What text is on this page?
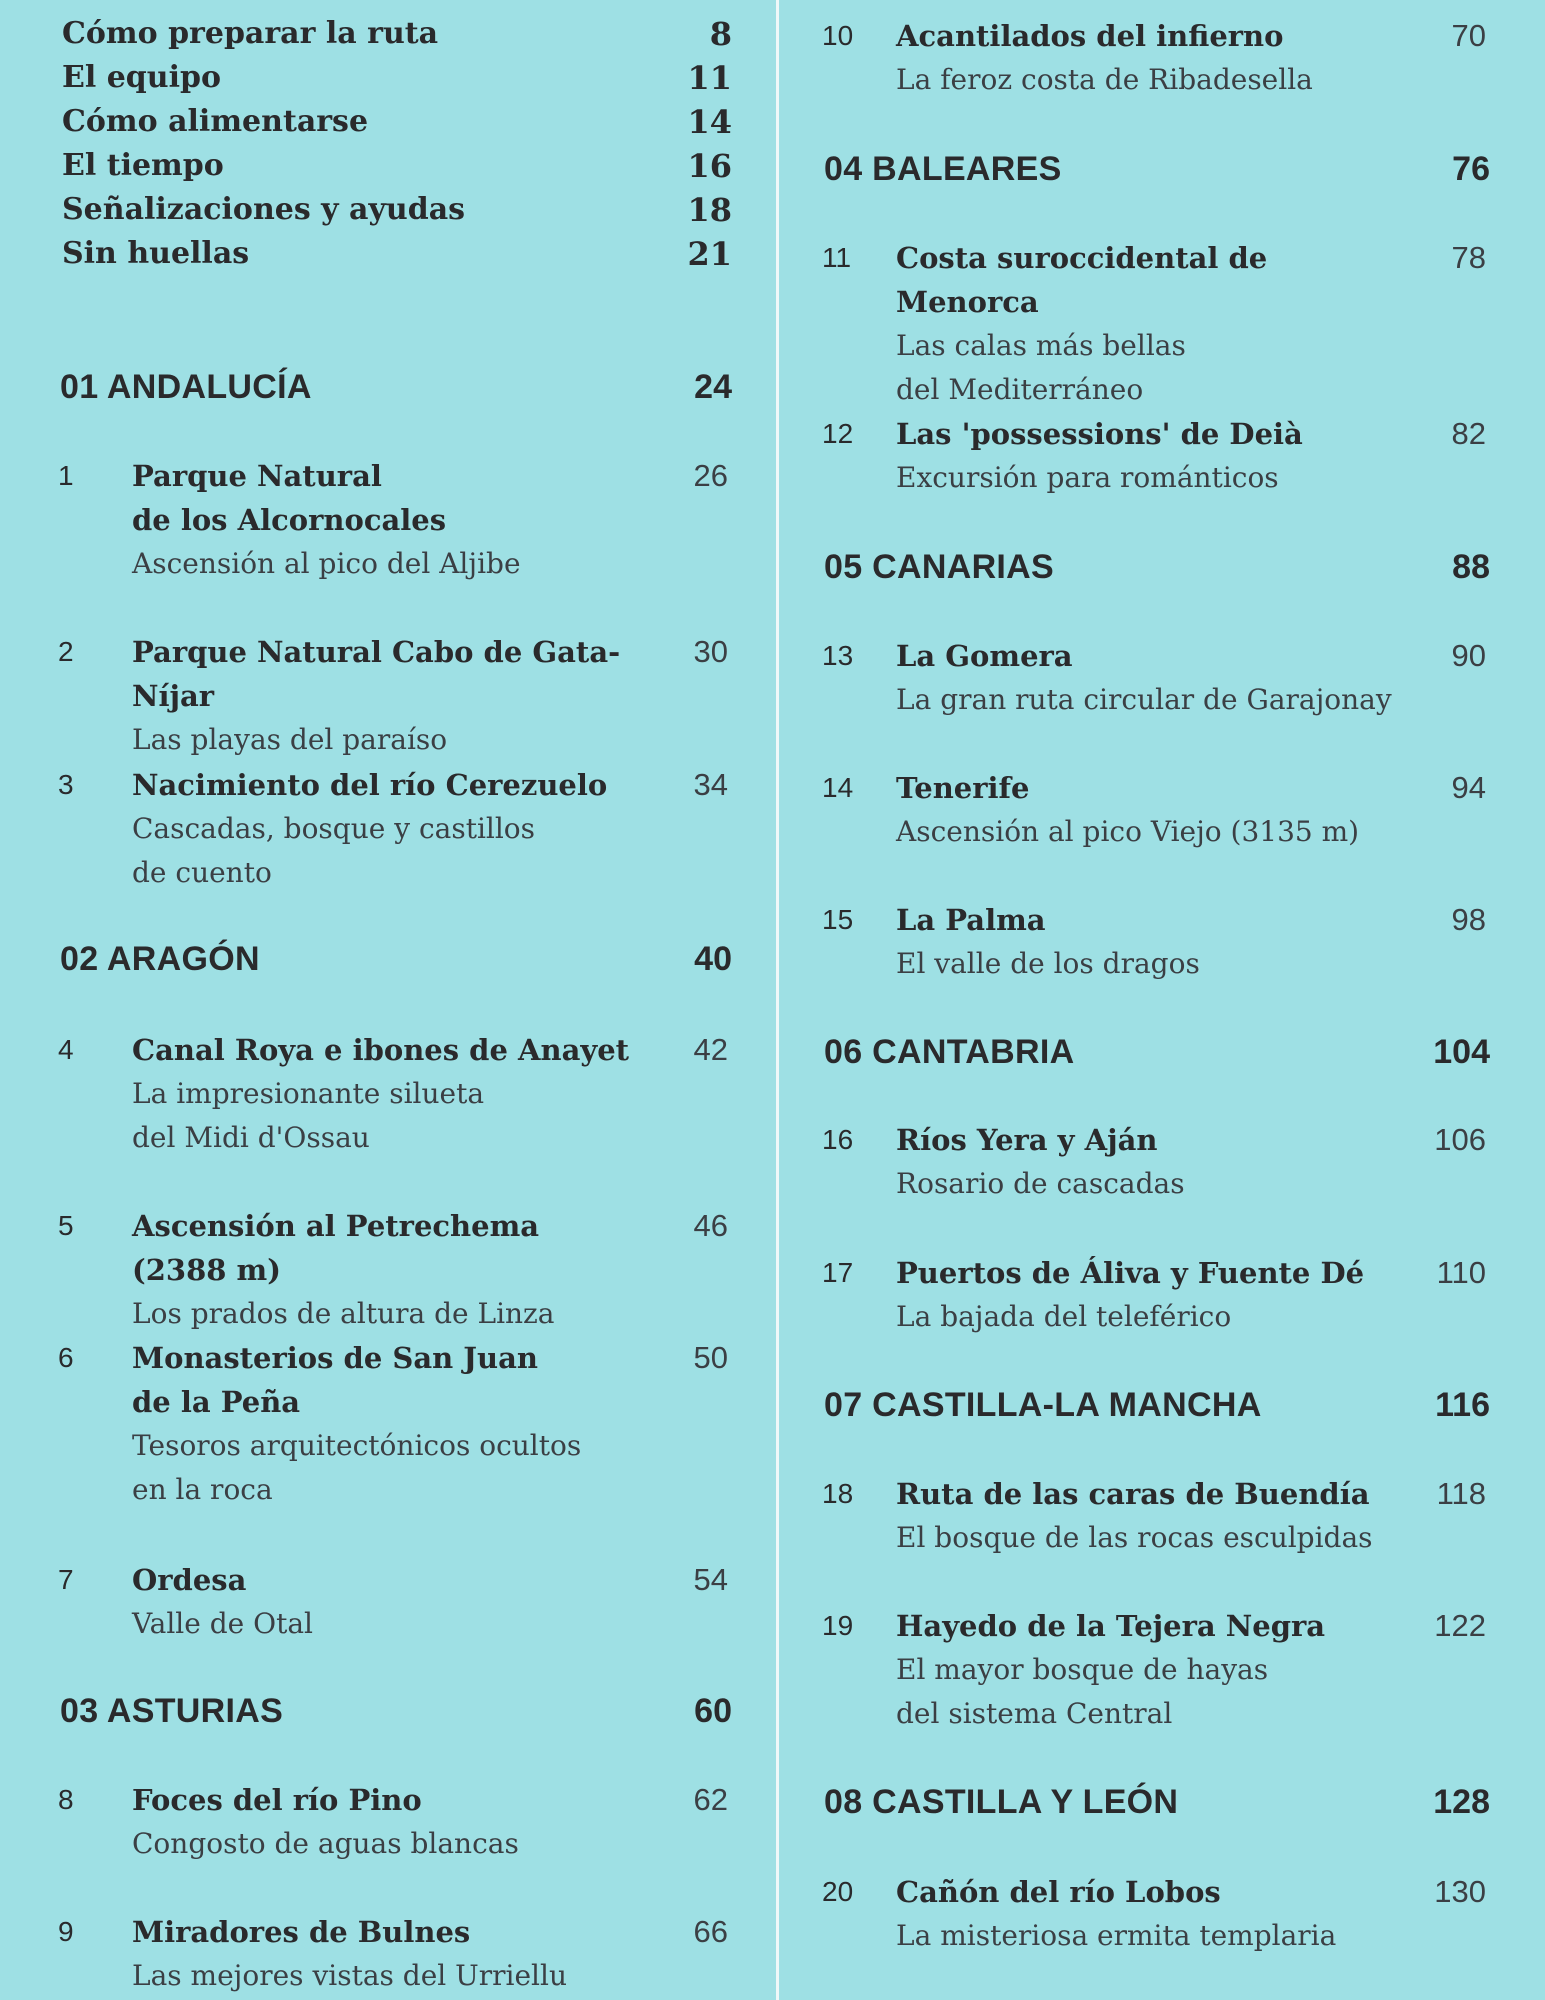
Cómo preparar la ruta	8
El equipo	11
Cómo alimentarse	14
El tiempo	16
Señalizaciones y ayudas	18
Sin huellas	21
01 ANDALUCÍA	24
1	Parque Natural
de los Alcornocales
Ascensión al pico del Aljibe
26
2	Parque Natural Cabo de Gata-Níjar
Las playas del paraíso
30
3	Nacimiento del río Cerezuelo
Cascadas, bosque y castillos
de cuento
34
02 ARAGÓN	40
4	Canal Roya e ibones de Anayet
La impresionante silueta
del Midi d'Ossau
42
5	Ascensión al Petrechema (2388 m)
Los prados de altura de Linza
46
6	Monasterios de San Juan
de la Peña
Tesoros arquitectónicos ocultos
en la roca
50
7	Ordesa
Valle de Otal
54
03 ASTURIAS	60
8	Foces del río Pino
Congosto de aguas blancas
62
9	Miradores de Bulnes
Las mejores vistas del Urriellu
66
10	Acantilados del infierno
La feroz costa de Ribadesella
70
04 BALEARES	76
11	Costa suroccidental de Menorca
Las calas más bellas
del Mediterráneo
78
12	Las 'possessions' de Deià
Excursión para románticos
82
05 CANARIAS	88
13	La Gomera
La gran ruta circular de Garajonay
90
14	Tenerife
Ascensión al pico Viejo (3135 m)
94
15	La Palma
El valle de los dragos
98
06 CANTABRIA	104
16	Ríos Yera y Aján
Rosario de cascadas
106
17	Puertos de Áliva y Fuente Dé
La bajada del teleférico
110
07 CASTILLA-LA MANCHA	116
18	Ruta de las caras de Buendía
El bosque de las rocas esculpidas
118
19	Hayedo de la Tejera Negra
El mayor bosque de hayas
del sistema Central
122
08 CASTILLA Y LEÓN	128
20	Cañón del río Lobos
La misteriosa ermita templaria
130
